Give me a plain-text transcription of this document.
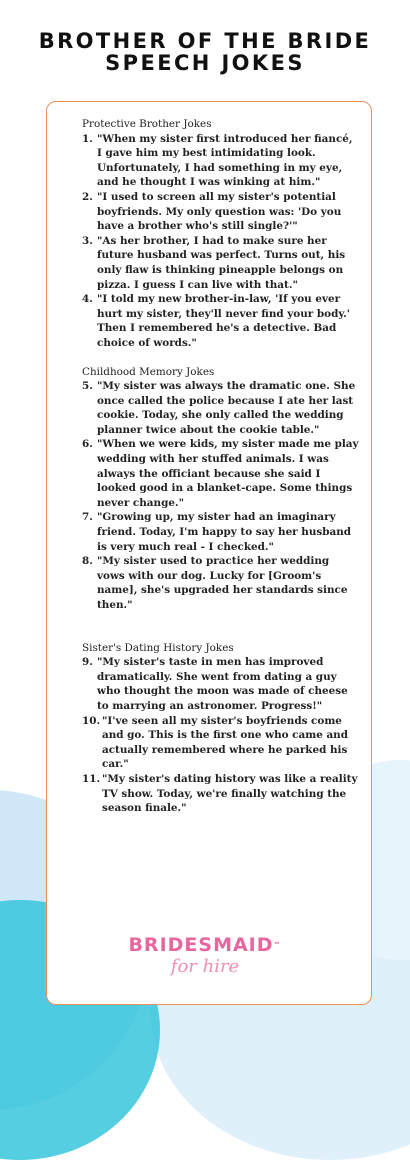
BROTHER OF THE BRIDE
SPEECH JOKES
Protective Brother Jokes
1. "When my sister first introduced her fiancé, I gave him my best intimidating look. Unfortunately, I had something in my eye, and he thought I was winking at him."
2. "I used to screen all my sister's potential boyfriends. My only question was: 'Do you have a brother who's still single?'"
3. "As her brother, I had to make sure her future husband was perfect. Turns out, his only flaw is thinking pineapple belongs on pizza. I guess I can live with that."
4. "I told my new brother-in-law, 'If you ever hurt my sister, they'll never find your body.' Then I remembered he's a detective. Bad choice of words."
Childhood Memory Jokes
5. "My sister was always the dramatic one. She once called the police because I ate her last cookie. Today, she only called the wedding planner twice about the cookie table."
6. "When we were kids, my sister made me play wedding with her stuffed animals. I was always the officiant because she said I looked good in a blanket-cape. Some things never change."
7. "Growing up, my sister had an imaginary friend. Today, I'm happy to say her husband is very much real - I checked."
8. "My sister used to practice her wedding vows with our dog. Lucky for [Groom's name], she's upgraded her standards since then."
Sister's Dating History Jokes
9. "My sister's taste in men has improved dramatically. She went from dating a guy who thought the moon was made of cheese to marrying an astronomer. Progress!"
10. "I've seen all my sister's boyfriends come and go. This is the first one who came and actually remembered where he parked his car."
11. "My sister's dating history was like a reality TV show. Today, we're finally watching the season finale."
BRIDESMAID™
for hire
